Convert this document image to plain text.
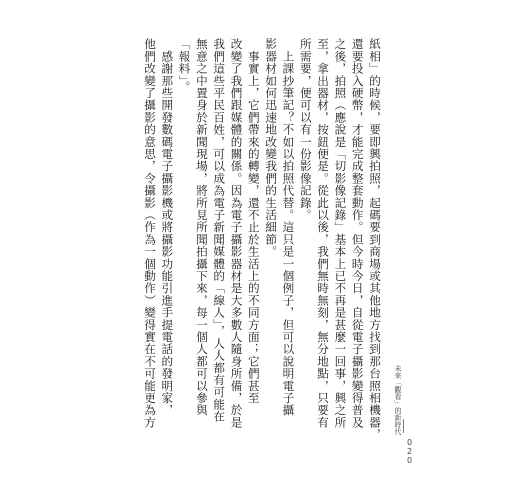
紙相」的時候，要即興拍照，起碼要到商場或其他地方找到那台照相機器，
還要投入硬幣，才能完成整套動作。但今時今日，自從電子攝影變得普及
之後，拍照（應說是「切影像記錄」基本上已不再是甚麼一回事，興之所
至，拿出器材，按鈕便是。從此以後，我們無時無刻，無分地點，只要有
所需要，便可以有一份影像記錄。
　上課抄筆記？不如以拍照代替。這只是一個例子，但可以說明電子攝
影器材如何迅速地改變我們的生活細節。
　事實上，它們帶來的轉變，還不止於生活上的不同方面；它們甚至
改變了我們跟媒體的關係。因為電子攝影器材是大多數人隨身所備，於是
我們這些平民百姓，可以成為電子新聞媒體的「線人」，人人都有可能在
無意之中置身於新聞現場，將所見所聞拍攝下來，每一個人都可以參與
「報料」。
　感謝那些開發數碼電子攝影機或將攝影功能引進手提電話的發明家，
他們改變了攝影的意思，令攝影（作為一個動作）變得實在不可能更為方	未來「觀看」的新時代
020
